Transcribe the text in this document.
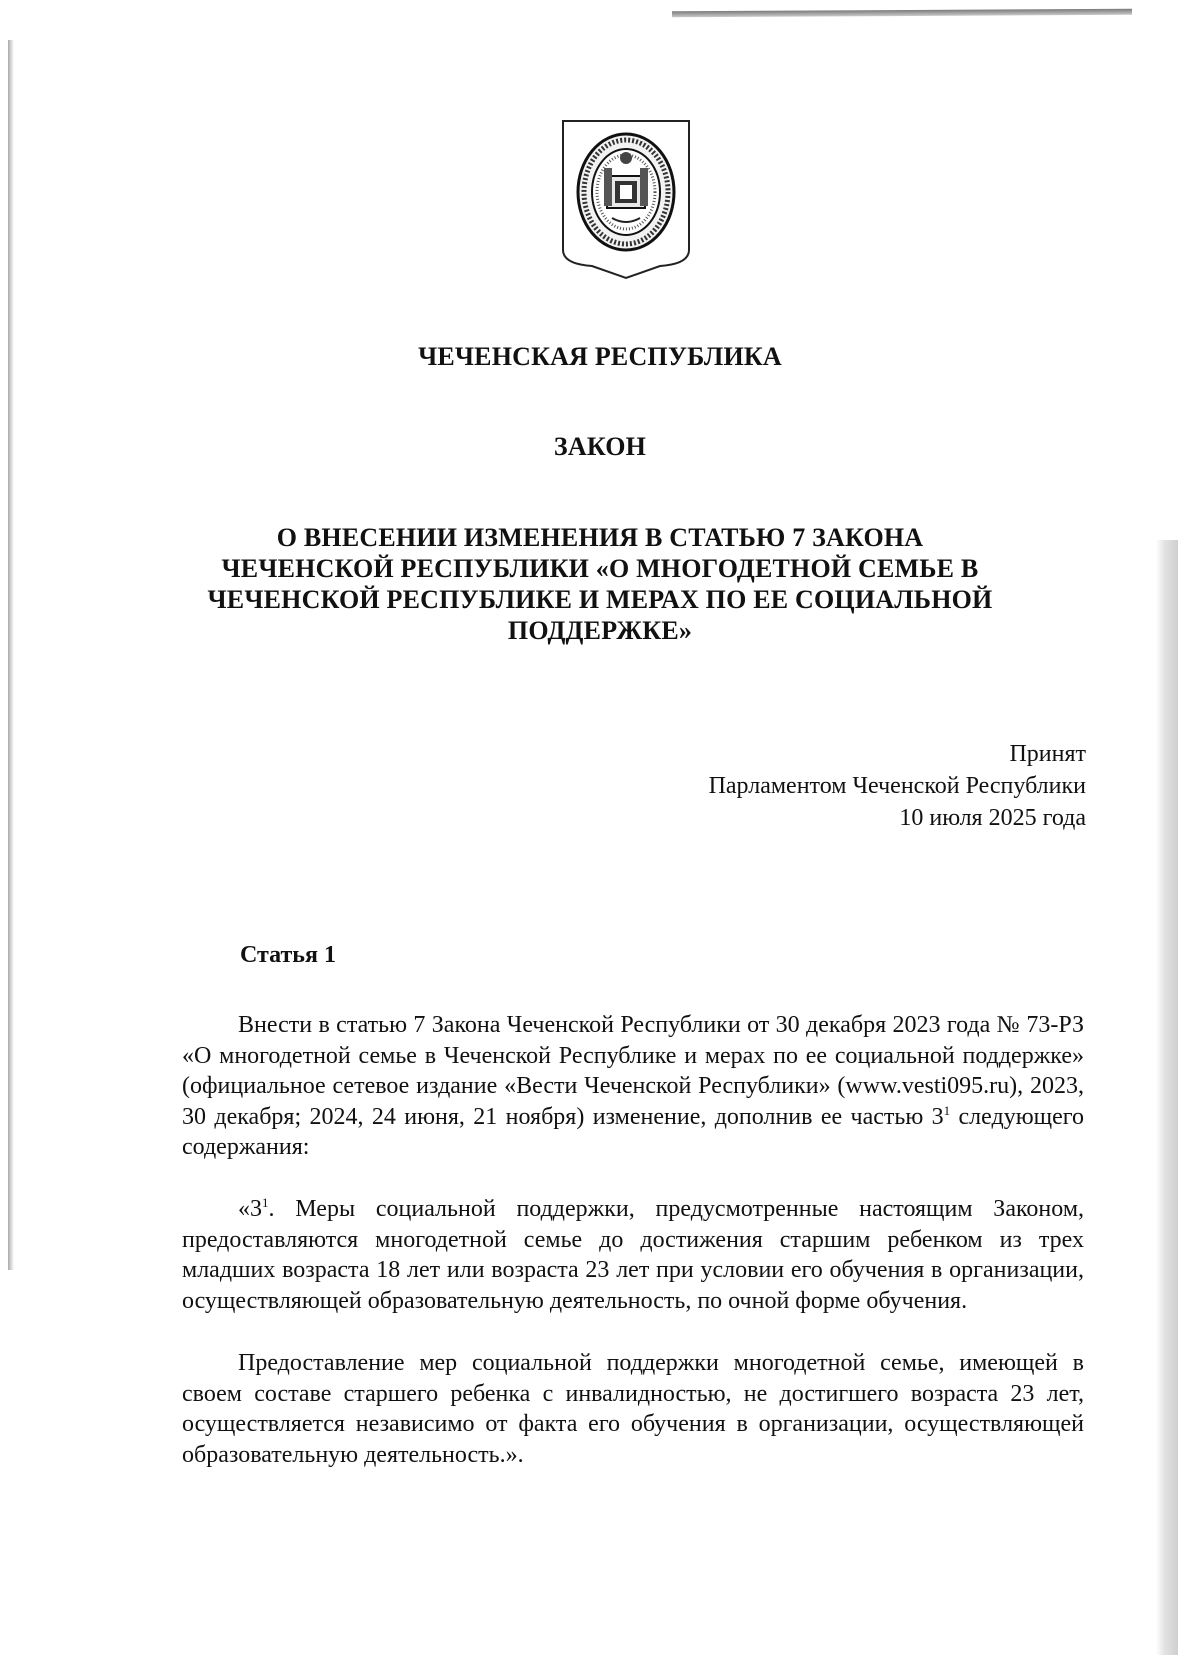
ЧЕЧЕНСКАЯ РЕСПУБЛИКА
ЗАКОН
О ВНЕСЕНИИ ИЗМЕНЕНИЯ В СТАТЬЮ 7 ЗАКОНА
ЧЕЧЕНСКОЙ РЕСПУБЛИКИ «О МНОГОДЕТНОЙ СЕМЬЕ В
ЧЕЧЕНСКОЙ РЕСПУБЛИКЕ И МЕРАХ ПО ЕЕ СОЦИАЛЬНОЙ
ПОДДЕРЖКЕ»
Принят
Парламентом Чеченской Республики
10 июля 2025 года
Статья 1

Внести в статью 7 Закона Чеченской Республики от 30 декабря 2023 года № 73-РЗ «О многодетной семье в Чеченской Республике и мерах по ее социальной поддержке» (официальное сетевое издание «Вести Чеченской Республики» (www.vesti095.ru), 2023, 30 декабря; 2024, 24 июня, 21 ноября) изменение, дополнив ее частью $3^1$ следующего содержания:

«$3^1$. Меры социальной поддержки, предусмотренные настоящим Законом, предоставляются многодетной семье до достижения старшим ребенком из трех младших возраста 18 лет или возраста 23 лет при условии его обучения в организации, осуществляющей образовательную деятельность, по очной форме обучения.

Предоставление мер социальной поддержки многодетной семье, имеющей в своем составе старшего ребенка с инвалидностью, не достигшего возраста 23 лет, осуществляется независимо от факта его обучения в организации, осуществляющей образовательную деятельность.».
